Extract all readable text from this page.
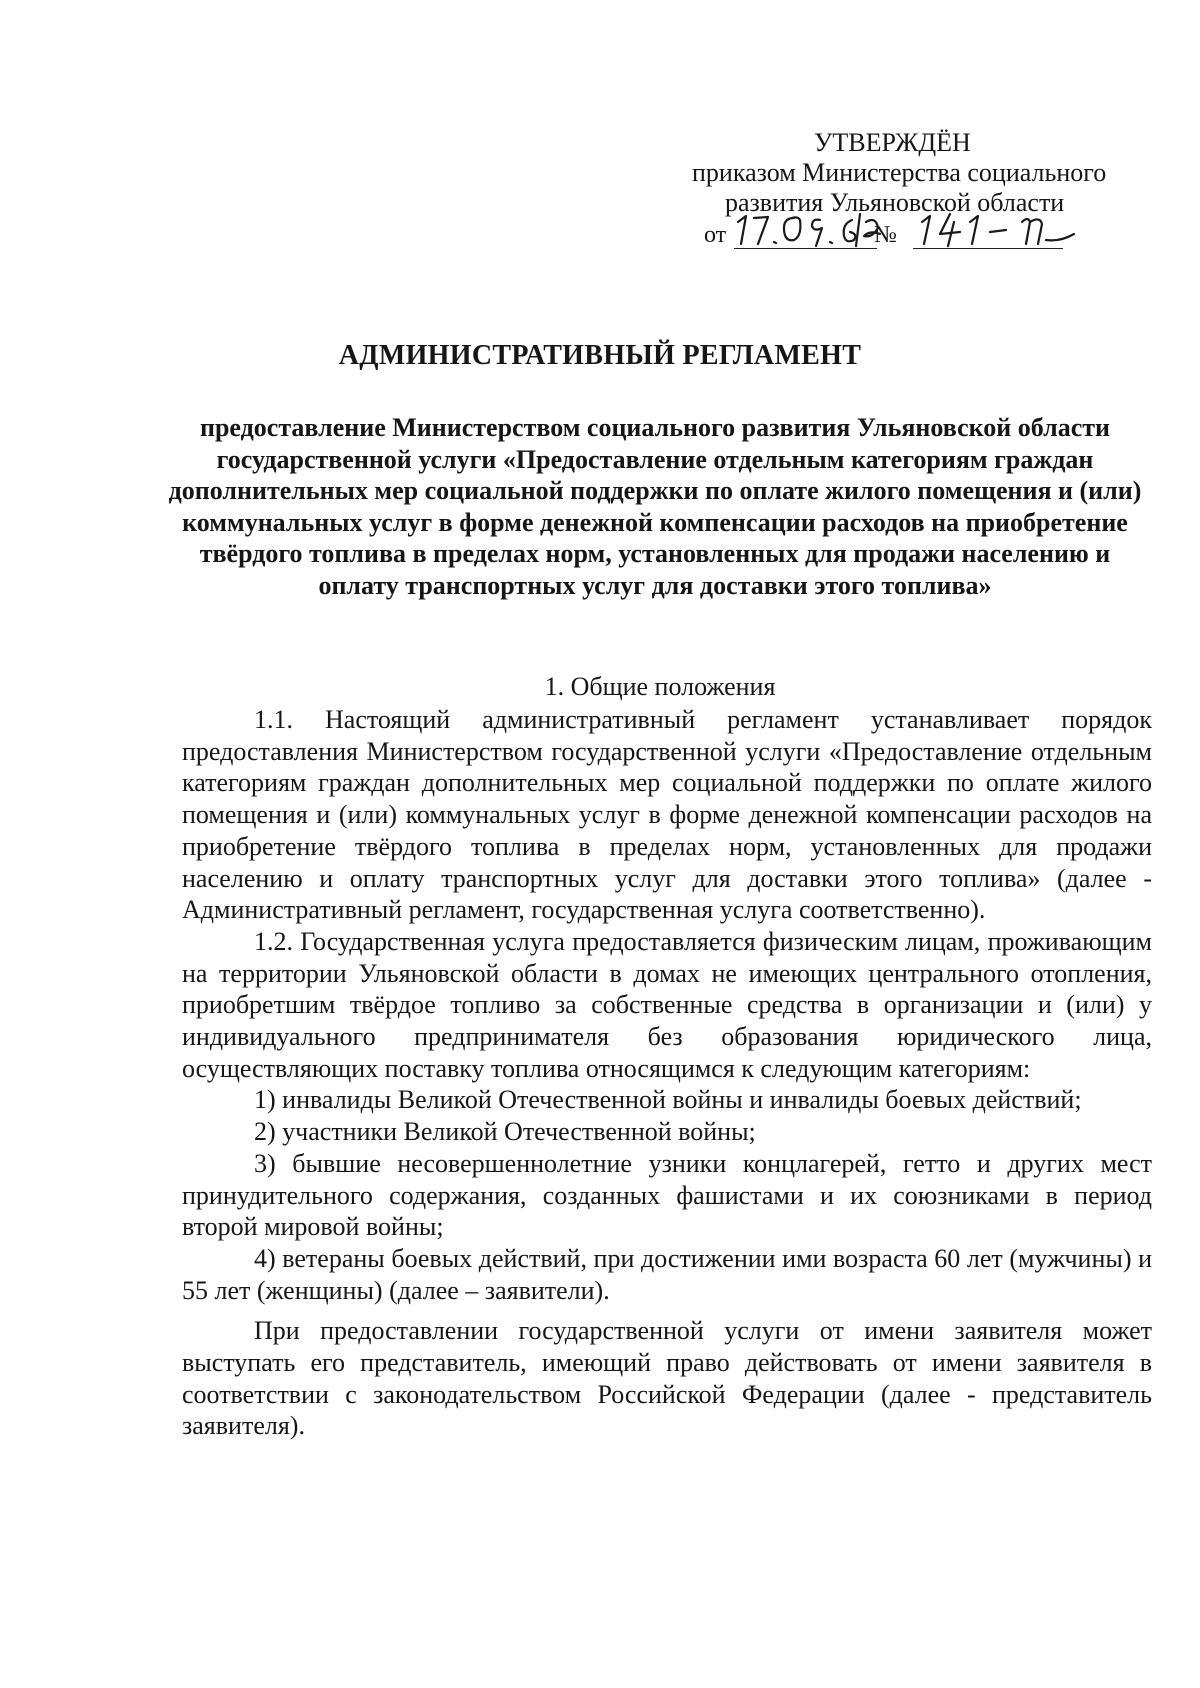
УТВЕРЖДЁН
приказом Министерства социального
развития Ульяновской области
от	№
АДМИНИСТРАТИВНЫЙ РЕГЛАМЕНТ
предоставление Министерством социального развития Ульяновской области государственной услуги «Предоставление отдельным категориям граждан дополнительных мер социальной поддержки по оплате жилого помещения и (или) коммунальных услуг в форме денежной компенсации расходов на приобретение твёрдого топлива в пределах норм, установленных для продажи населению и оплату транспортных услуг для доставки этого топлива»
1. Общие положения

1.1. Настоящий административный регламент устанавливает порядок предоставления Министерством государственной услуги «Предоставление отдельным категориям граждан дополнительных мер социальной поддержки по оплате жилого помещения и (или) коммунальных услуг в форме денежной компенсации расходов на приобретение твёрдого топлива в пределах норм, установленных для продажи населению и оплату транспортных услуг для доставки этого топлива» (далее - Административный регламент, государственная услуга соответственно).

1.2. Государственная услуга предоставляется физическим лицам, проживающим на территории Ульяновской области в домах не имеющих центрального отопления, приобретшим твёрдое топливо за собственные средства в организации и (или) у индивидуального предпринимателя без образования юридического лица, осуществляющих поставку топлива относящимся к следующим категориям:

1) инвалиды Великой Отечественной войны и инвалиды боевых действий;

2) участники Великой Отечественной войны;

3) бывшие несовершеннолетние узники концлагерей, гетто и других мест принудительного содержания, созданных фашистами и их союзниками в период второй мировой войны;

4) ветераны боевых действий, при достижении ими возраста 60 лет (мужчины) и 55 лет (женщины) (далее – заявители).

При предоставлении государственной услуги от имени заявителя может выступать его представитель, имеющий право действовать от имени заявителя в соответствии с законодательством Российской Федерации (далее - представитель заявителя).
